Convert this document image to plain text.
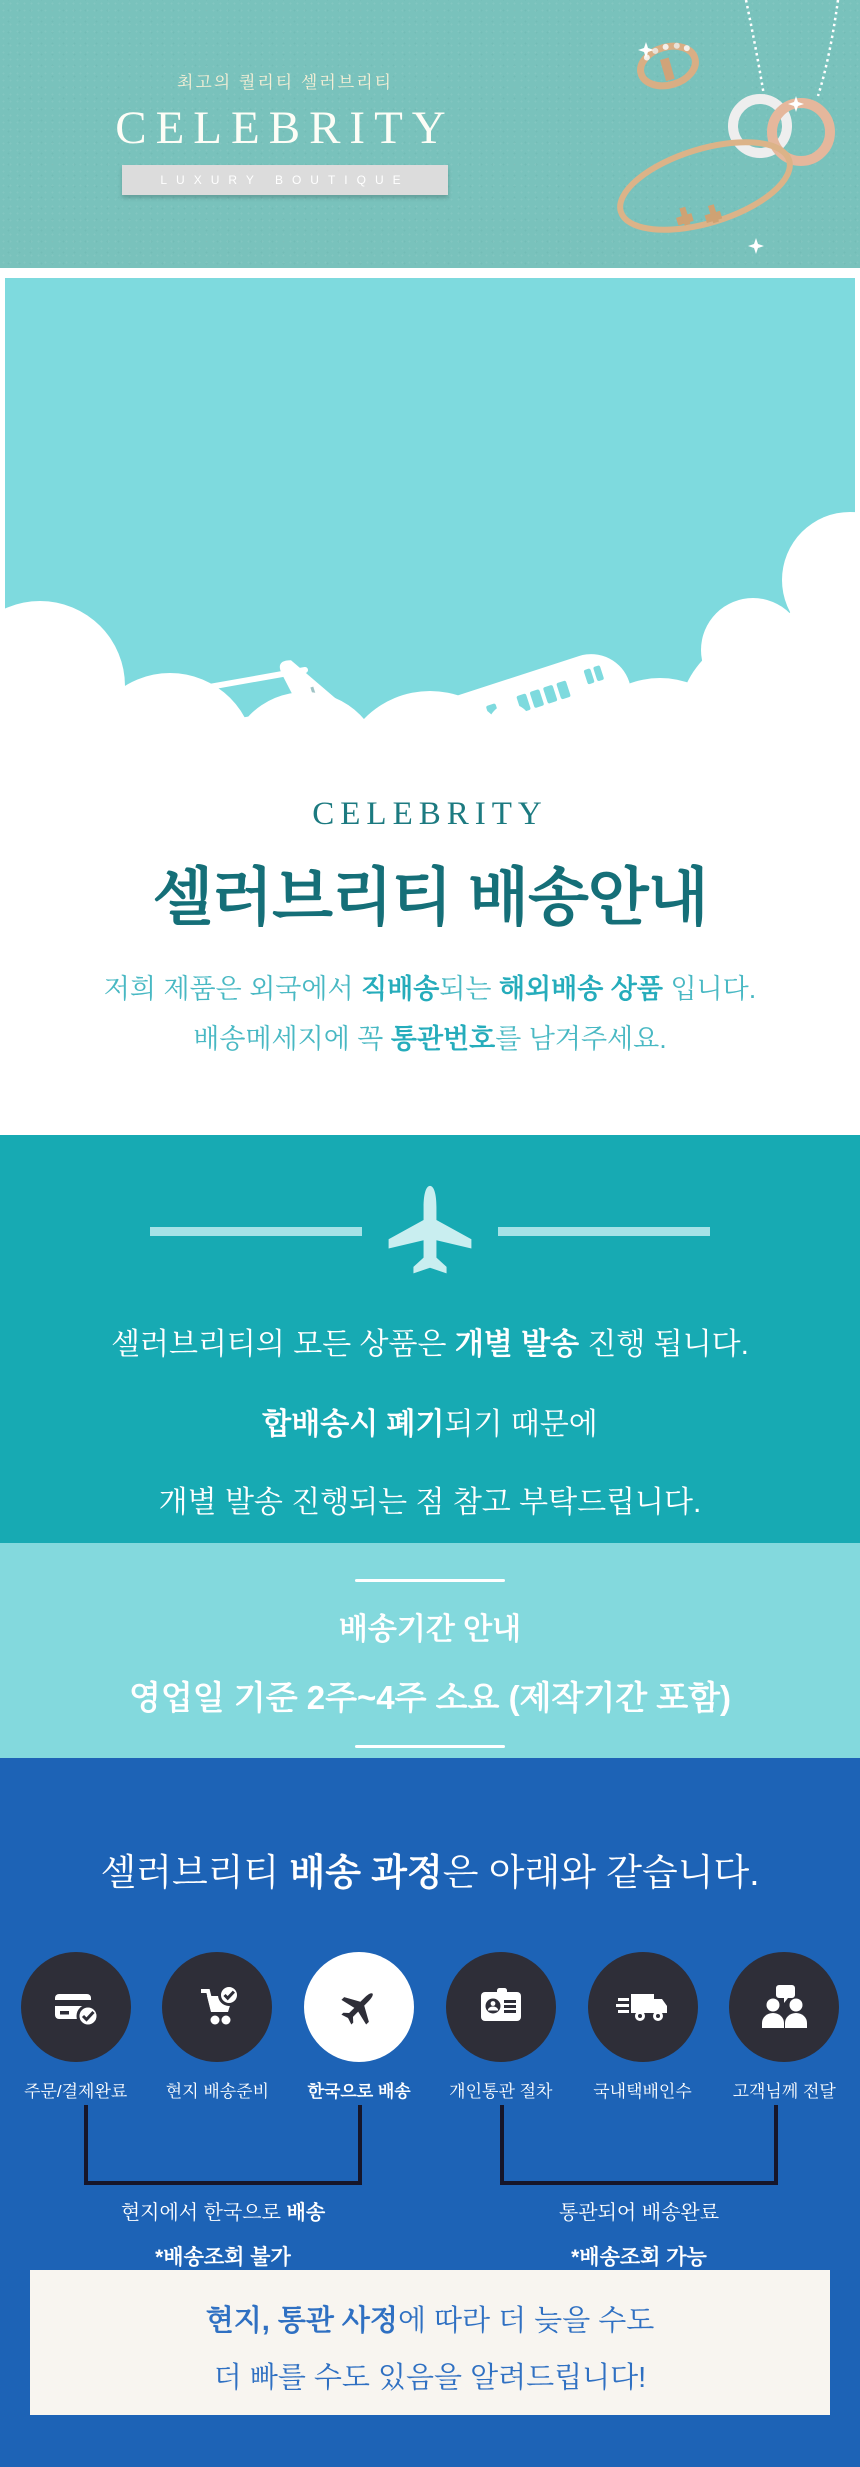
최고의 퀄리티 셀러브리티
CELEBRITY
LUXURY BOUTIQUE
CELEBRITY
셀러브리티 배송안내
저희 제품은 외국에서 직배송되는 해외배송 상품 입니다.
배송메세지에 꼭 통관번호를 남겨주세요.
셀러브리티의 모든 상품은 개별 발송 진행 됩니다.
합배송시 폐기되기 때문에
개별 발송 진행되는 점 참고 부탁드립니다.
배송기간 안내
영업일 기준 2주~4주 소요 (제작기간 포함)
셀러브리티 배송 과정은 아래와 같습니다.
주문/결제완료	현지 배송준비	한국으로 배송	개인통관 절차	국내택배인수	고객님께 전달
현지에서 한국으로 배송
*배송조회 불가
통관되어 배송완료
*배송조회 가능
현지, 통관 사정에 따라 더 늦을 수도
더 빠를 수도 있음을 알려드립니다!
